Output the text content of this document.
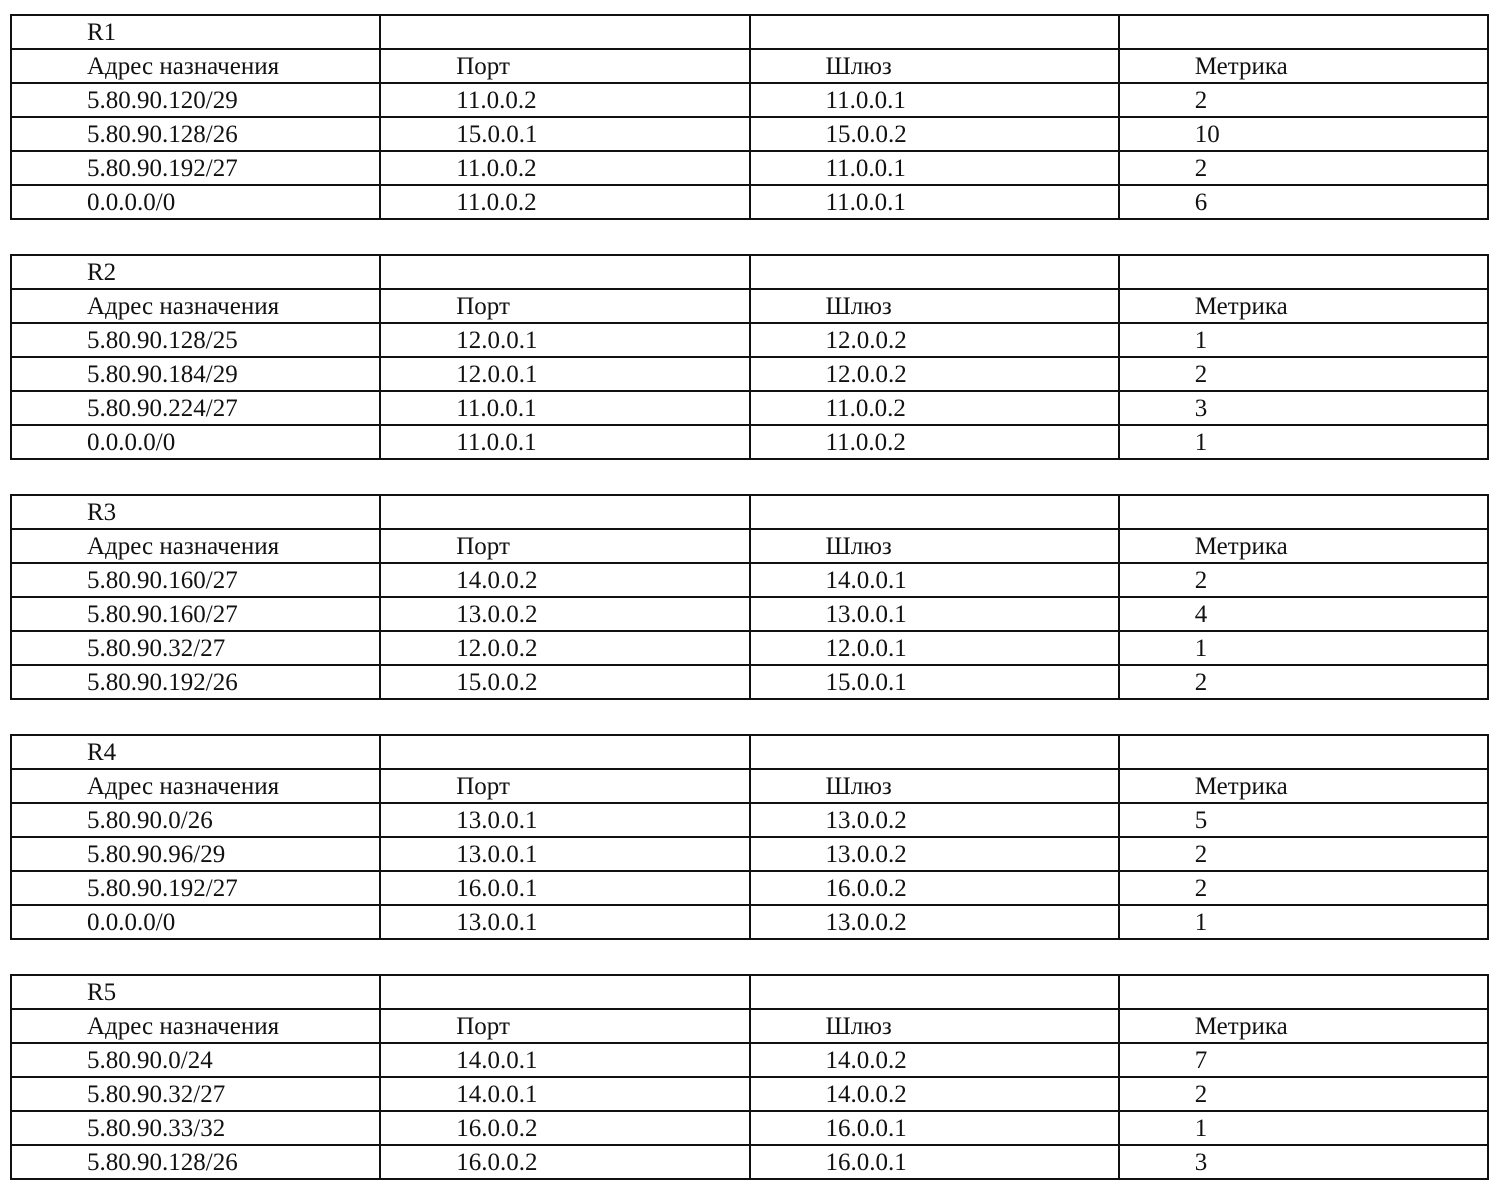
R1			

Адрес назначения	Порт	Шлюз	Метрика

5.80.90.120/29	11.0.0.2	11.0.0.1	2

5.80.90.128/26	15.0.0.1	15.0.0.2	10

5.80.90.192/27	11.0.0.2	11.0.0.1	2

0.0.0.0/0	11.0.0.2	11.0.0.1	6
R2			

Адрес назначения	Порт	Шлюз	Метрика

5.80.90.128/25	12.0.0.1	12.0.0.2	1

5.80.90.184/29	12.0.0.1	12.0.0.2	2

5.80.90.224/27	11.0.0.1	11.0.0.2	3

0.0.0.0/0	11.0.0.1	11.0.0.2	1
R3			

Адрес назначения	Порт	Шлюз	Метрика

5.80.90.160/27	14.0.0.2	14.0.0.1	2

5.80.90.160/27	13.0.0.2	13.0.0.1	4

5.80.90.32/27	12.0.0.2	12.0.0.1	1

5.80.90.192/26	15.0.0.2	15.0.0.1	2
R4			

Адрес назначения	Порт	Шлюз	Метрика

5.80.90.0/26	13.0.0.1	13.0.0.2	5

5.80.90.96/29	13.0.0.1	13.0.0.2	2

5.80.90.192/27	16.0.0.1	16.0.0.2	2

0.0.0.0/0	13.0.0.1	13.0.0.2	1
R5			

Адрес назначения	Порт	Шлюз	Метрика

5.80.90.0/24	14.0.0.1	14.0.0.2	7

5.80.90.32/27	14.0.0.1	14.0.0.2	2

5.80.90.33/32	16.0.0.2	16.0.0.1	1

5.80.90.128/26	16.0.0.2	16.0.0.1	3
